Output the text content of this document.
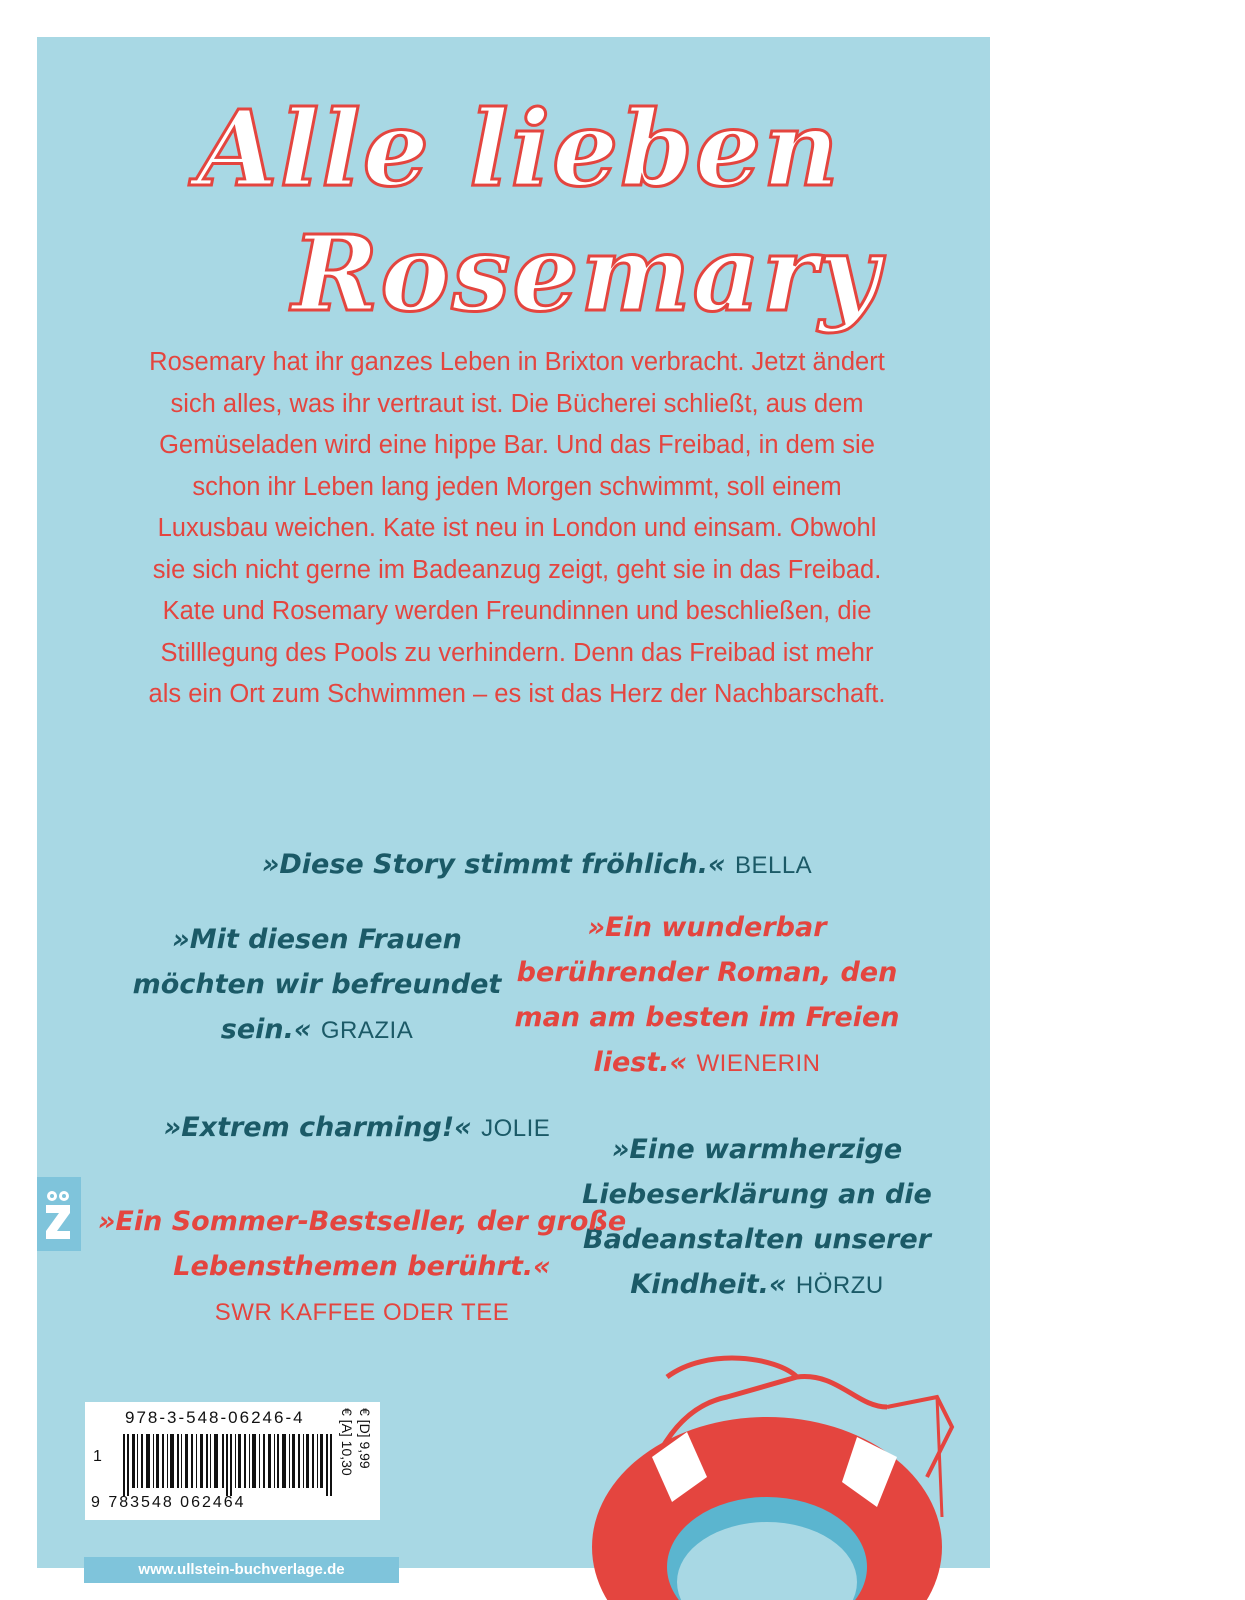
Alle lieben
Rosemary
Rosemary hat ihr ganzes Leben in Brixton verbracht. Jetzt ändert sich alles, was ihr vertraut ist. Die Bücherei schließt, aus dem Gemüseladen wird eine hippe Bar. Und das Freibad, in dem sie schon ihr Leben lang jeden Morgen schwimmt, soll einem Luxusbau weichen. Kate ist neu in London und einsam. Obwohl sie sich nicht gerne im Badeanzug zeigt, geht sie in das Freibad. Kate und Rosemary werden Freundinnen und beschließen, die Stilllegung des Pools zu verhindern. Denn das Freibad ist mehr als ein Ort zum Schwimmen – es ist das Herz der Nachbarschaft.
»Diese Story stimmt fröhlich.« BELLA
»Mit diesen Frauen möchten wir befreundet sein.« GRAZIA
»Ein wunderbar berührender Roman, den man am besten im Freien liest.« WIENERIN
»Extrem charming!« JOLIE
»Eine warmherzige Liebeserklärung an die Badeanstalten unserer Kindheit.« HÖRZU
»Ein Sommer-Bestseller, der große Lebensthemen berührt.«
SWR KAFFEE ODER TEE
www.ullstein-buchverlage.de
978-3-548-06246-4
1
9 783548 062464
€ [D] 9,99
€ [A] 10,30
